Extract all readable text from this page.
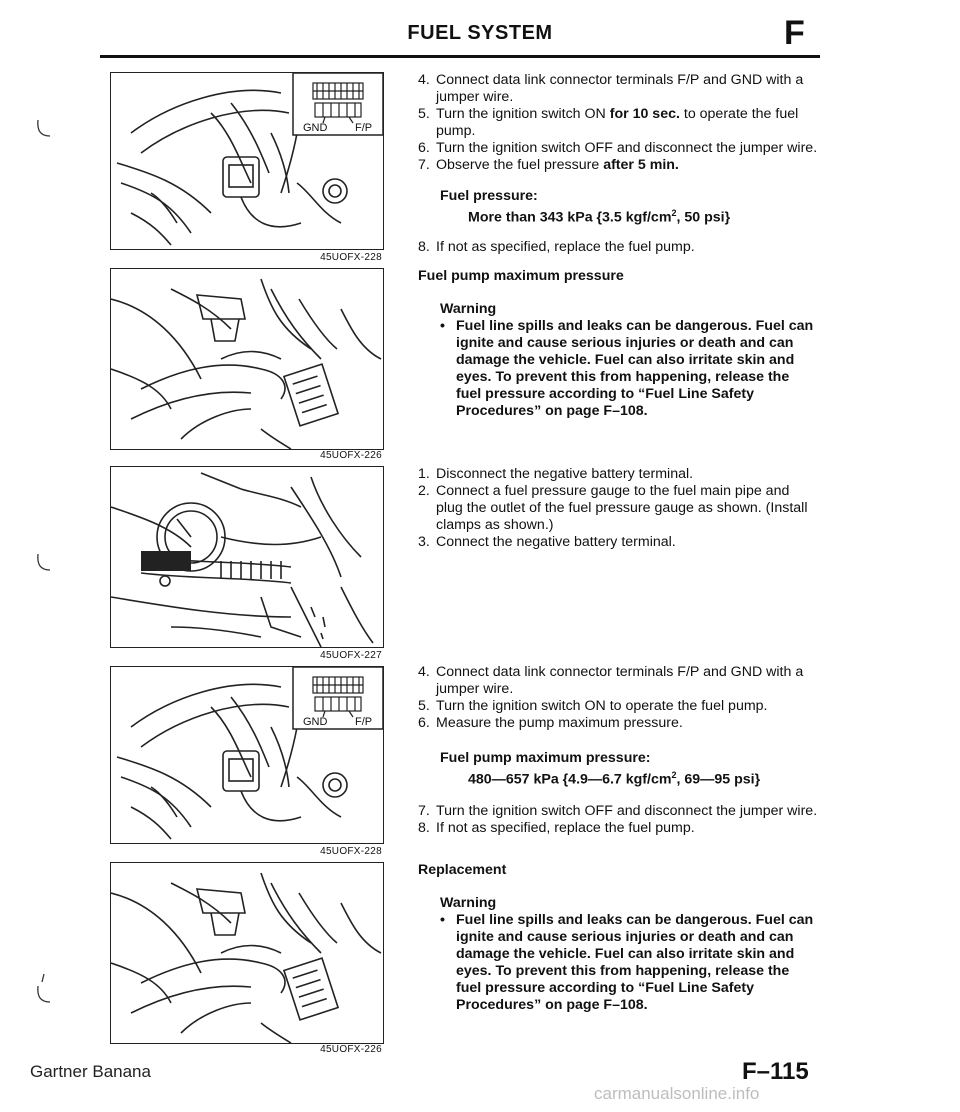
FUEL SYSTEM	F
GND	F/P
45UOFX-228
45UOFX-226
45UOFX-227
GND	F/P
45UOFX-228
45UOFX-226
4. Connect data link connector terminals F/P and GND with a jumper wire.
5. Turn the ignition switch ON for 10 sec. to operate the fuel pump.
6. Turn the ignition switch OFF and disconnect the jumper wire.
7. Observe the fuel pressure after 5 min.
Fuel pressure:
More than 343 kPa {3.5 kgf/$cm^2$, 50 psi}
8. If not as specified, replace the fuel pump.
Fuel pump maximum pressure
Warning
• Fuel line spills and leaks can be dangerous. Fuel can ignite and cause serious injuries or death and can damage the vehicle. Fuel can also irritate skin and eyes. To prevent this from happening, release the fuel pressure according to “Fuel Line Safety Procedures” on page F–108.
1. Disconnect the negative battery terminal.
2. Connect a fuel pressure gauge to the fuel main pipe and plug the outlet of the fuel pressure gauge as shown. (Install clamps as shown.)
3. Connect the negative battery terminal.
4. Connect data link connector terminals F/P and GND with a jumper wire.
5. Turn the ignition switch ON to operate the fuel pump.
6. Measure the pump maximum pressure.
Fuel pump maximum pressure:
480—657 kPa {4.9—6.7 kgf/$cm^2$, 69—95 psi}
7. Turn the ignition switch OFF and disconnect the jumper wire.
8. If not as specified, replace the fuel pump.
Replacement
Warning
• Fuel line spills and leaks can be dangerous. Fuel can ignite and cause serious injuries or death and can damage the vehicle. Fuel can also irritate skin and eyes. To prevent this from happening, release the fuel pressure according to “Fuel Line Safety Procedures” on page F–108.
Gartner Banana	F–115
carmanualsonline.info
